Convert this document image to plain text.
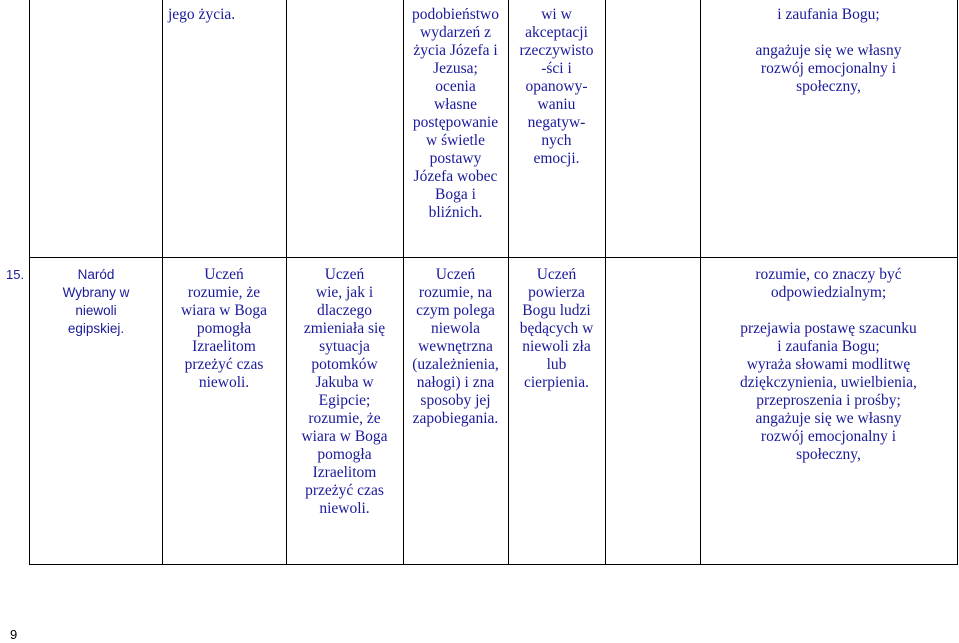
jego życia.	podobieństwo
wydarzeń z
życia Józefa i
Jezusa;
ocenia
własne
postępowanie
w świetle
postawy
Józefa wobec
Boga i
bliźnich.
wi w
akceptacji
rzeczywisto
-ści i
opanowy-
waniu
negatyw-
nych
emocji.
i zaufania Bogu;

angażuje się we własny
rozwój emocjonalny i
społeczny,
15.	Naród
Wybrany w
niewoli
egipskiej.
Uczeń
rozumie, że
wiara w Boga
pomogła
Izraelitom
przeżyć czas
niewoli.
Uczeń
wie, jak i
dlaczego
zmieniała się
sytuacja
potomków
Jakuba w
Egipcie;
rozumie, że
wiara w Boga
pomogła
Izraelitom
przeżyć czas
niewoli.
Uczeń
rozumie, na
czym polega
niewola
wewnętrzna
(uzależnienia,
nałogi) i zna
sposoby jej
zapobiegania.
Uczeń
powierza
Bogu ludzi
będących w
niewoli zła
lub
cierpienia.
rozumie, co znaczy być
odpowiedzialnym;

przejawia postawę szacunku
i zaufania Bogu;
wyraża słowami modlitwę
dziękczynienia, uwielbienia,
przeproszenia i prośby;
angażuje się we własny
rozwój emocjonalny i
społeczny,
9
